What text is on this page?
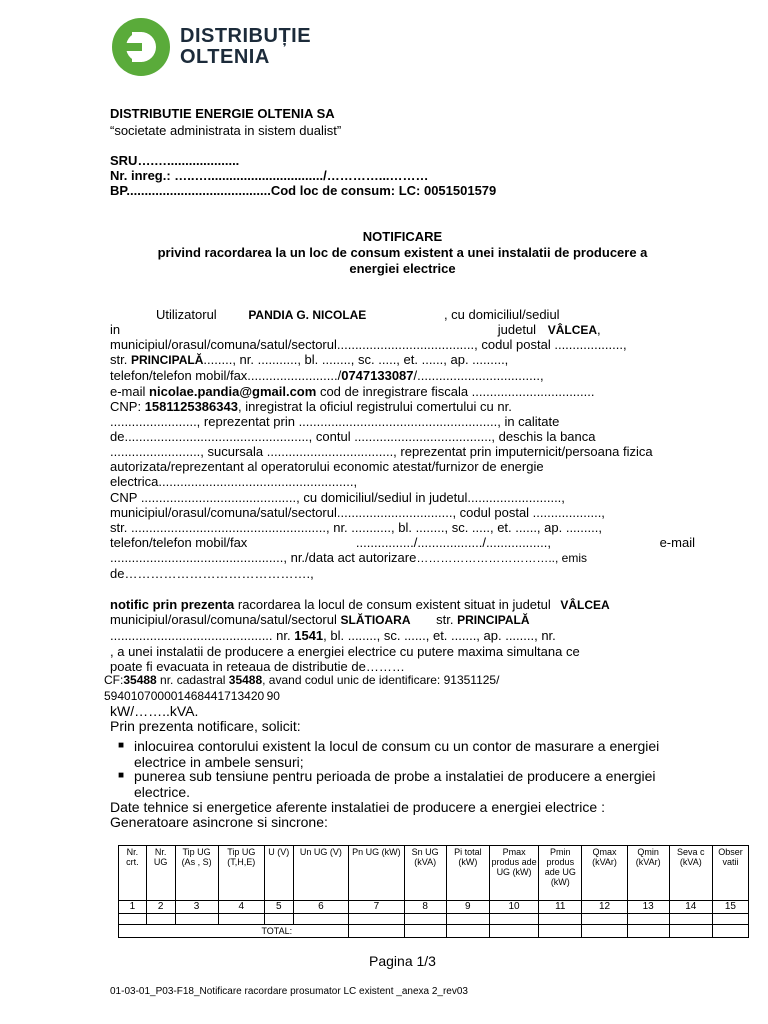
DISTRIBUȚIE
OLTENIA
DISTRIBUTIE ENERGIE OLTENIA SA
“societate administrata in sistem dualist”
SRU….…....................
Nr. inreg.: …..…................................/…………...………
BP........................................Cod loc de consum: LC: 0051501579
NOTIFICARE
privind racordarea la un loc de consum existent a unei instalatii de producere a
energiei electrice
Utilizatorul	PANDIA G. NICOLAE	, cu domiciliul/sediul
in	judetul VÂLCEA,
municipiul/orasul/comuna/satul/sectorul......................................, codul postal ...................,
str. PRINCIPALĂ........, nr. ..........., bl. ........, sc. ....., et. ......, ap. .........,
telefon/telefon mobil/fax........................./0747133087/..................................,
e-mail nicolae.pandia@gmail.com cod de inregistrare fiscala ..................................
CNP: 1581125386343, inregistrat la oficiul registrului comertului cu nr.
........................, reprezentat prin ......................................................., in calitate
de..................................................., contul ......................................, deschis la banca
........................., sucursala ..................................., reprezentat prin imputernicit/persoana fizica
autorizata/reprezentant al operatorului economic atestat/furnizor de energie
electrica......................................................,
CNP ..........................................., cu domiciliul/sediul in judetul..........................,
municipiul/orasul/comuna/satul/sectorul................................, codul postal ...................,
str. ......................................................, nr. ..........., bl. ........, sc. ....., et. ......, ap. .........,
telefon/telefon mobil/fax	................/................../.................,	e-mail
................................................, nr./data act autorizare…………………………….., emis
de…………………………………….,
notific prin prezenta racordarea la locul de consum existent situat in judetul VÂLCEA
municipiul/orasul/comuna/satul/sectorul SLĂTIOARA str. PRINCIPALĂ
............................................. nr. 1541, bl. ........, sc. ......, et. ......., ap. ........, nr.
, a unei instalatii de producere a energiei electrice cu putere maxima simultana ce
poate fi evacuata in reteaua de distributie de………
CF:35488 nr. cadastral 35488, avand codul unic de identificare: 91351125/
594010700001468441713420 90
kW/……..kVA.
Prin prezenta notificare, solicit:
■ inlocuirea contorului existent la locul de consum cu un contor de masurare a energiei
electrice in ambele sensuri;
■ punerea sub tensiune pentru perioada de probe a instalatiei de producere a energiei
electrice.
Date tehnice si energetice aferente instalatiei de producere a energiei electrice :
Generatoare asincrone si sincrone:
Nr. crt.	Nr. UG	Tip UG (As , S)	Tip UG (T,H,E)	U (V)	Un UG (V)	Pn UG (kW)	Sn UG (kVA)	Pi total (kW)	Pmax produs ade UG (kW)	Pmin produs ade UG (kW)	Qmax (kVAr)	Qmin (kVAr)	Seva c (kVA)	Obser vatii
1	2	3	4	5	6	7	8	9	10	11	12	13	14	15

TOTAL:														
Pagina 1/3
01-03-01_P03-F18_Notificare racordare prosumator LC existent _anexa 2_rev03
